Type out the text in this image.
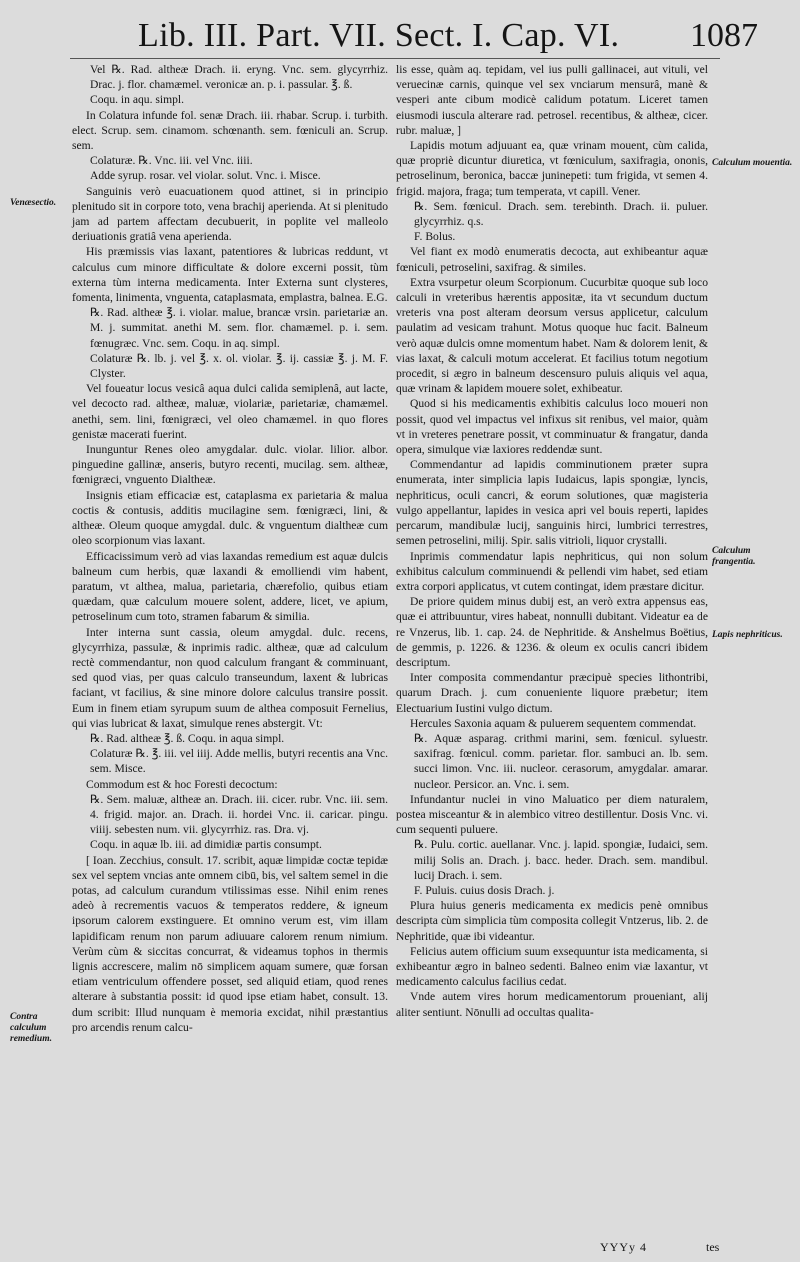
Lib. III. Part. VII. Sect. I. Cap. VI. 1087
Venæsectio.
Contra calculum remedium.
Calculum mouentia.
Calculum frangentia.
Lapis nephriticus.

Vel ℞. Rad. altheæ Drach. ii. eryng. Vnc. sem. glycyrrhiz. Drac. j. flor. chamæmel. veronicæ an. p. i. passular. ℥. ß.

Coqu. in aqu. simpl.

In Colatura infunde fol. senæ Drach. iii. rhabar. Scrup. i. turbith. elect. Scrup. sem. cinamom. schœnanth. sem. fœniculi an. Scrup. sem.

Colaturæ. ℞. Vnc. iii. vel Vnc. iiii.

Adde syrup. rosar. vel violar. solut. Vnc. i. Misce.

Sanguinis verò euacuationem quod attinet, si in principio plenitudo sit in corpore toto, vena brachij aperienda. At si plenitudo jam ad partem affectam decubuerit, in poplite vel malleolo deriuationis gratiâ vena aperienda.

His præmissis vias laxant, patentiores & lubricas reddunt, vt calculus cum minore difficultate & dolore excerni possit, tùm externa tùm interna medicamenta. Inter Externa sunt clysteres, fomenta, linimenta, vnguenta, cataplasmata, emplastra, balnea. E.G.

℞. Rad. altheæ ℥. i. violar. malue, brancæ vrsin. parietariæ an. M. j. summitat. anethi M. sem. flor. chamæmel. p. i. sem. fœnugræc. Vnc. sem. Coqu. in aq. simpl.

Colaturæ ℞. lb. j. vel ℥. x. ol. violar. ℥. ij. cassiæ ℥. j. M. F. Clyster.

Vel foueatur locus vesicâ aqua dulci calida semiplenâ, aut lacte, vel decocto rad. altheæ, maluæ, violariæ, parietariæ, chamæmel. anethi, sem. lini, fœnigræci, vel oleo chamæmel. in quo flores genistæ macerati fuerint.

Inunguntur Renes oleo amygdalar. dulc. violar. lilior. albor. pinguedine gallinæ, anseris, butyro recenti, mucilag. sem. altheæ, fœnigræci, vnguento Dialtheæ.

Insignis etiam efficaciæ est, cataplasma ex parietaria & malua coctis & contusis, additis mucilagine sem. fœnigræci, lini, & altheæ. Oleum quoque amygdal. dulc. & vnguentum dialtheæ cum oleo scorpionum vias laxant.

Efficacissimum verò ad vias laxandas remedium est aquæ dulcis balneum cum herbis, quæ laxandi & emolliendi vim habent, paratum, vt althea, malua, parietaria, chærefolio, quibus etiam quædam, quæ calculum mouere solent, addere, licet, ve apium, petroselinum cum toto, stramen fabarum & similia.

Inter interna sunt cassia, oleum amygdal. dulc. recens, glycyrrhiza, passulæ, & inprimis radic. altheæ, quæ ad calculum rectè commendantur, non quod calculum frangant & comminuant, sed quod vias, per quas calculo transeundum, laxent & lubricas faciant, vt facilius, & sine minore dolore calculus transire possit. Eum in finem etiam syrupum suum de althea composuit Fernelius, qui vias lubricat & laxat, simulque renes abstergit. Vt:

℞. Rad. altheæ ℥. ß. Coqu. in aqua simpl.

Colaturæ ℞. ℥. iii. vel iiij. Adde mellis, butyri recentis ana Vnc. sem. Misce.

Commodum est & hoc Foresti decoctum:

℞. Sem. maluæ, altheæ an. Drach. iii. cicer. rubr. Vnc. iii. sem. 4. frigid. major. an. Drach. ii. hordei Vnc. ii. caricar. pingu. viiij. sebesten num. vii. glycyrrhiz. ras. Dra. vj.

Coqu. in aquæ lb. iii. ad dimidiæ partis consumpt.

[ Ioan. Zecchius, consult. 17. scribit, aquæ limpidæ coctæ tepidæ sex vel septem vncias ante omnem cibū, bis, vel saltem semel in die potas, ad calculum curandum vtilissimas esse. Nihil enim renes adeò à recrementis vacuos & temperatos reddere, & igneum ipsorum calorem exstinguere. Et omnino verum est, vim illam lapidificam renum non parum adiuuare calorem renum nimium. Verùm cùm & siccitas concurrat, & videamus tophos in thermis lignis accrescere, malim nō simplicem aquam sumere, quæ forsan etiam ventriculum offendere posset, sed aliquid etiam, quod renes alterare à substantia possit: id quod ipse etiam habet, consult. 13. dum scribit: Illud nunquam è memoria excidat, nihil præstantius pro arcendis renum calcu-

lis esse, quàm aq. tepidam, vel ius pulli gallinacei, aut vituli, vel veruecinæ carnis, quinque vel sex vnciarum mensurâ, manè & vesperi ante cibum modicè calidum potatum. Liceret tamen eiusmodi iuscula alterare rad. petrosel. recentibus, & altheæ, cicer. rubr. maluæ, ]

Lapidis motum adjuuant ea, quæ vrinam mouent, cùm calida, quæ propriè dicuntur diuretica, vt fœniculum, saxifragia, ononis, petroselinum, beronica, baccæ juninepeti: tum frigida, vt semen 4. frigid. majora, fraga; tum temperata, vt capill. Vener.

℞. Sem. fœnicul. Drach. sem. terebinth. Drach. ii. puluer. glycyrrhiz. q.s.

F. Bolus.

Vel fiant ex modò enumeratis decocta, aut exhibeantur aquæ fœniculi, petroselini, saxifrag. & similes.

Extra vsurpetur oleum Scorpionum. Cucurbitæ quoque sub loco calculi in vreteribus hærentis appositæ, ita vt secundum ductum vreteris vna post alteram deorsum versus applicetur, calculum paulatim ad vesicam trahunt. Motus quoque huc facit. Balneum verò aquæ dulcis omne momentum habet. Nam & dolorem lenit, & vias laxat, & calculi motum accelerat. Et facilius totum negotium procedit, si ægro in balneum descensuro puluis aliquis vel aqua, quæ vrinam & lapidem mouere solet, exhibeatur.

Quod si his medicamentis exhibitis calculus loco moueri non possit, quod vel impactus vel infixus sit renibus, vel maior, quàm vt in vreteres penetrare possit, vt comminuatur & frangatur, danda opera, simulque viæ laxiores reddendæ sunt.

Commendantur ad lapidis comminutionem præter supra enumerata, inter simplicia lapis Iudaicus, lapis spongiæ, lyncis, nephriticus, oculi cancri, & eorum solutiones, quæ magisteria vulgo appellantur, lapides in vesica apri vel bouis reperti, lapides percarum, mandibulæ lucij, sanguinis hirci, lumbrici terrestres, semen petroselini, milij. Spir. salis vitrioli, liquor crystalli.

Inprimis commendatur lapis nephriticus, qui non solum exhibitus calculum comminuendi & pellendi vim habet, sed etiam extra corpori applicatus, vt cutem contingat, idem præstare dicitur.

De priore quidem minus dubij est, an verò extra appensus eas, quæ ei attribuuntur, vires habeat, nonnulli dubitant. Videatur ea de re Vnzerus, lib. 1. cap. 24. de Nephritide. & Anshelmus Boëtius, de gemmis, p. 1226. & 1236. & oleum ex oculis cancri ibidem descriptum.

Inter composita commendantur præcipuè species lithontribi, quarum Drach. j. cum conueniente liquore præbetur; item Electuarium Iustini vulgo dictum.

Hercules Saxonia aquam & puluerem sequentem commendat.

℞. Aquæ asparag. crithmi marini, sem. fœnicul. syluestr. saxifrag. fœnicul. comm. parietar. flor. sambuci an. lb. sem. succi limon. Vnc. iii. nucleor. cerasorum, amygdalar. amarar. nucleor. Persicor. an. Vnc. i. sem.

Infundantur nuclei in vino Maluatico per diem naturalem, postea misceantur & in alembico vitreo destillentur. Dosis Vnc. vi. cum sequenti puluere.

℞. Pulu. cortic. auellanar. Vnc. j. lapid. spongiæ, Iudaici, sem. milij Solis an. Drach. j. bacc. heder. Drach. sem. mandibul. lucij Drach. i. sem.

F. Puluis. cuius dosis Drach. j.

Plura huius generis medicamenta ex medicis penè omnibus descripta cùm simplicia tùm composita collegit Vntzerus, lib. 2. de Nephritide, quæ ibi videantur.

Felicius autem officium suum exsequuntur ista medicamenta, si exhibeantur ægro in balneo sedenti. Balneo enim viæ laxantur, vt medicamento calculus facilius cedat.

Vnde autem vires horum medicamentorum proueniant, alij aliter sentiunt. Nōnulli ad occultas qualita-

YYYy 4	tes
